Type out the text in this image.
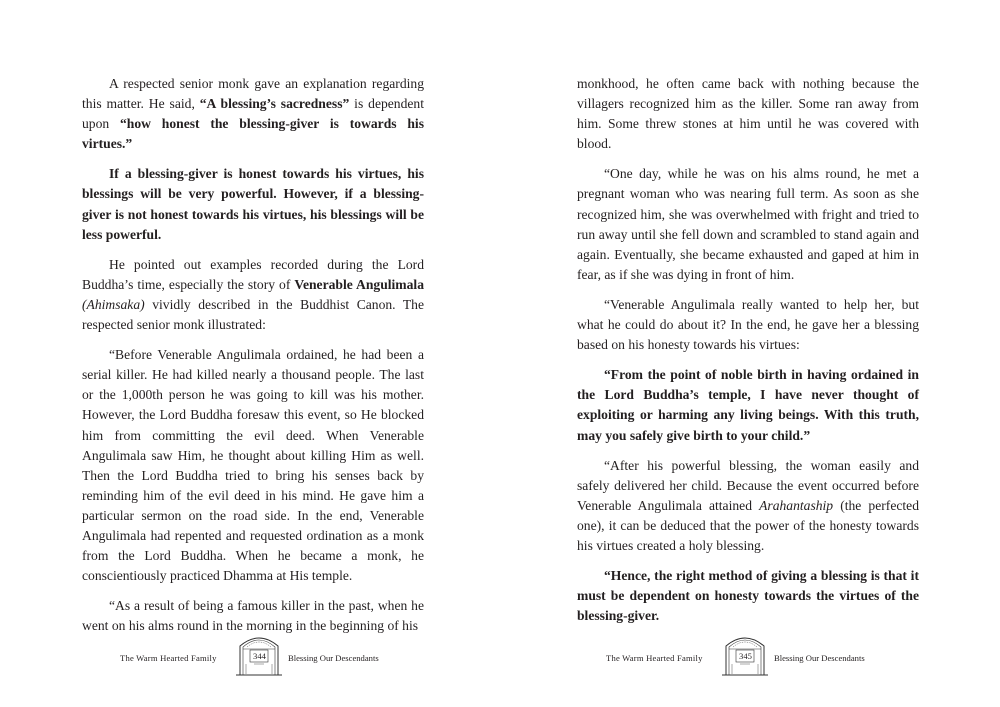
A respected senior monk gave an explanation regarding this matter. He said, “A blessing’s sacredness” is dependent upon “how honest the blessing-giver is towards his virtues.”

If a blessing-giver is honest towards his virtues, his blessings will be very powerful. However, if a blessing-giver is not honest towards his virtues, his blessings will be less powerful.

He pointed out examples recorded during the Lord Buddha’s time, especially the story of Venerable Angulimala (Ahimsaka) vividly described in the Buddhist Canon. The respected senior monk illustrated:

“Before Venerable Angulimala ordained, he had been a serial killer. He had killed nearly a thousand people. The last or the 1,000th person he was going to kill was his mother. However, the Lord Buddha foresaw this event, so He blocked him from committing the evil deed. When Venerable Angulimala saw Him, he thought about killing Him as well. Then the Lord Buddha tried to bring his senses back by reminding him of the evil deed in his mind. He gave him a particular sermon on the road side. In the end, Venerable Angulimala had repented and requested ordination as a monk from the Lord Buddha. When he became a monk, he conscientiously practiced Dhamma at His temple.

“As a result of being a famous killer in the past, when he went on his alms round in the morning in the beginning of his

monkhood, he often came back with nothing because the villagers recognized him as the killer. Some ran away from him. Some threw stones at him until he was covered with blood.

“One day, while he was on his alms round, he met a pregnant woman who was nearing full term. As soon as she recognized him, she was overwhelmed with fright and tried to run away until she fell down and scrambled to stand again and again. Eventually, she became exhausted and gaped at him in fear, as if she was dying in front of him.

“Venerable Angulimala really wanted to help her, but what he could do about it? In the end, he gave her a blessing based on his honesty towards his virtues:

“From the point of noble birth in having ordained in the Lord Buddha’s temple, I have never thought of exploiting or harming any living beings. With this truth, may you safely give birth to your child.”

“After his powerful blessing, the woman easily and safely delivered her child. Because the event occurred before Venerable Angulimala attained Arahantaship (the perfected one), it can be deduced that the power of the honesty towards his virtues created a holy blessing.

“Hence, the right method of giving a blessing is that it must be dependent on honesty towards the virtues of the blessing-giver.

The Warm Hearted Family	344	Blessing Our Descendants	The Warm Hearted Family	345	Blessing Our Descendants
